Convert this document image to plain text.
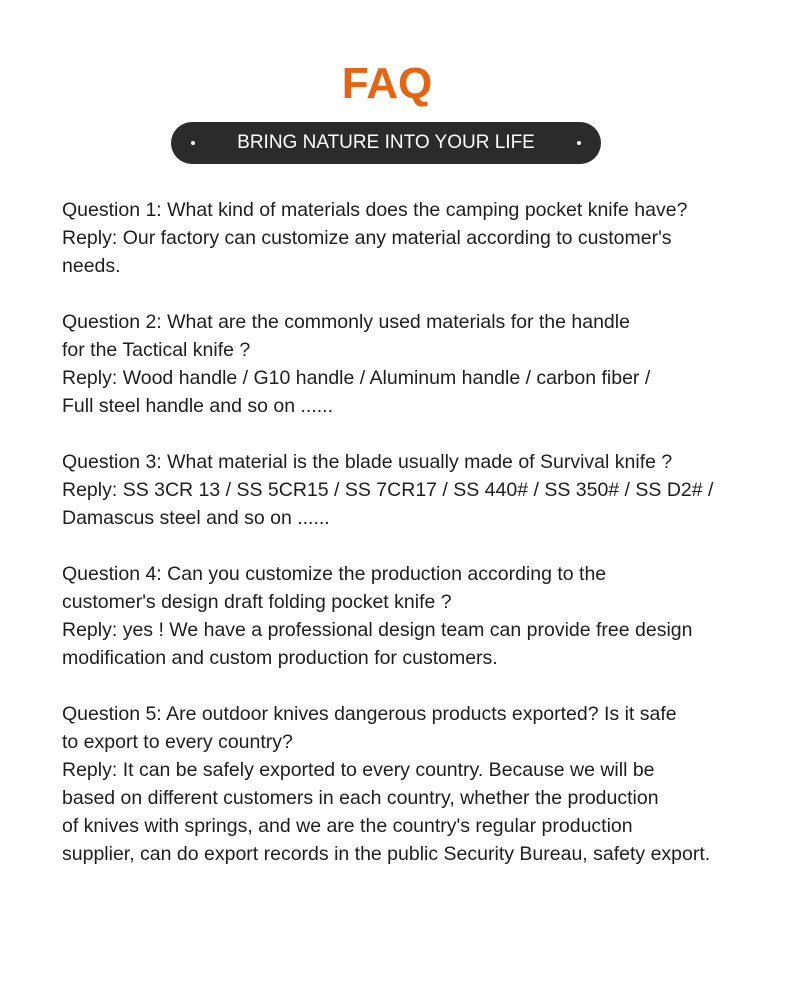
FAQ
BRING NATURE INTO YOUR LIFE
Question 1: What kind of materials does the camping pocket knife have?
Reply: Our factory can customize any material according to customer's
needs.
Question 2: What are the commonly used materials for the handle
for the Tactical knife ?
Reply: Wood handle / G10 handle / Aluminum handle / carbon fiber /
Full steel handle and so on ......
Question 3: What material is the blade usually made of Survival knife ?
Reply: SS 3CR 13 / SS 5CR15 / SS 7CR17 / SS 440# / SS 350# / SS D2# /
Damascus steel and so on ......
Question 4: Can you customize the production according to the
customer's design draft folding pocket knife ?
Reply: yes ! We have a professional design team can provide free design
modification and custom production for customers.
Question 5: Are outdoor knives dangerous products exported? Is it safe
to export to every country?
Reply: It can be safely exported to every country. Because we will be
based on different customers in each country, whether the production
of knives with springs, and we are the country's regular production
supplier, can do export records in the public Security Bureau, safety export.
